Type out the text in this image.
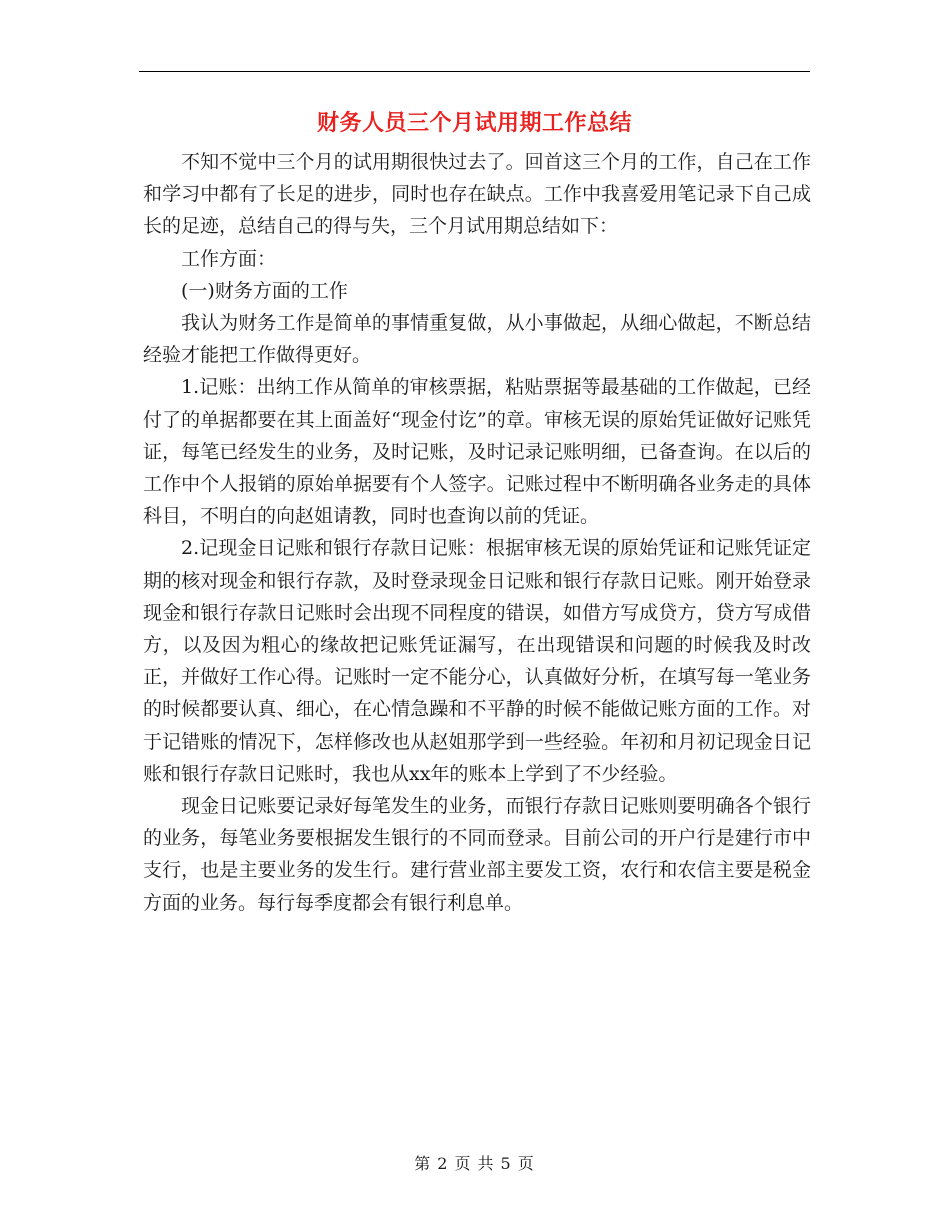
财务人员三个月试用期工作总结

不知不觉中三个月的试用期很快过去了。回首这三个月的工作，自己在工作和学习中都有了长足的进步，同时也存在缺点。工作中我喜爱用笔记录下自己成长的足迹，总结自己的得与失，三个月试用期总结如下：

工作方面：

(一)财务方面的工作

我认为财务工作是简单的事情重复做，从小事做起，从细心做起，不断总结经验才能把工作做得更好。

1.记账：出纳工作从简单的审核票据，粘贴票据等最基础的工作做起，已经付了的单据都要在其上面盖好“现金付讫”的章。审核无误的原始凭证做好记账凭证，每笔已经发生的业务，及时记账，及时记录记账明细，已备查询。在以后的工作中个人报销的原始单据要有个人签字。记账过程中不断明确各业务走的具体科目，不明白的向赵姐请教，同时也查询以前的凭证。

2.记现金日记账和银行存款日记账：根据审核无误的原始凭证和记账凭证定期的核对现金和银行存款，及时登录现金日记账和银行存款日记账。刚开始登录现金和银行存款日记账时会出现不同程度的错误，如借方写成贷方，贷方写成借方，以及因为粗心的缘故把记账凭证漏写，在出现错误和问题的时候我及时改正，并做好工作心得。记账时一定不能分心，认真做好分析，在填写每一笔业务的时候都要认真、细心，在心情急躁和不平静的时候不能做记账方面的工作。对于记错账的情况下，怎样修改也从赵姐那学到一些经验。年初和月初记现金日记账和银行存款日记账时，我也从xx年的账本上学到了不少经验。

现金日记账要记录好每笔发生的业务，而银行存款日记账则要明确各个银行的业务，每笔业务要根据发生银行的不同而登录。目前公司的开户行是建行市中支行，也是主要业务的发生行。建行营业部主要发工资，农行和农信主要是税金方面的业务。每行每季度都会有银行利息单。

第 2 页 共 5 页
